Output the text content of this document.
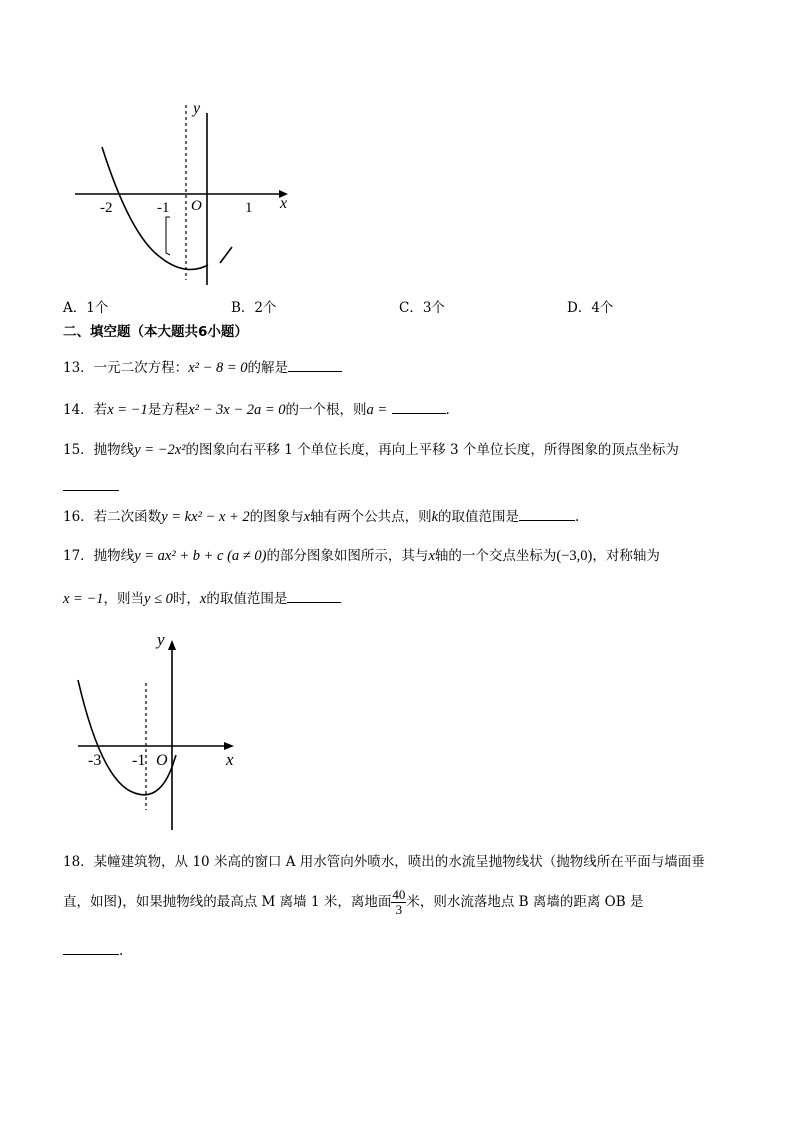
y
x
O
-2	-1	1
A．1个	B．2个	C．3个	D．4个
二、填空题（本大题共6小题）
13．一元二次方程：x² − 8 = 0的解是
14．若x = −1是方程x² − 3x − 2a = 0的一个根，则a =	.
15．抛物线y = −2x²的图象向右平移 1 个单位长度，再向上平移 3 个单位长度，所得图象的顶点坐标为
16．若二次函数y = kx² − x + 2的图象与x轴有两个公共点，则k的取值范围是	.
17．抛物线y = ax² + b + c (a ≠ 0)的部分图象如图所示，其与x轴的一个交点坐标为(−3,0)，对称轴为
x = −1，则当y ≤ 0时，x的取值范围是
y
x
O
-3 -1
18．某幢建筑物，从 10 米高的窗口 A 用水管向外喷水，喷出的水流呈抛物线状（抛物线所在平面与墙面垂
直，如图)，如果抛物线的最高点 M 离墙 1 米，离地面 $\frac{40}{3}$ 米，则水流落地点 B 离墙的距离 OB 是
.
